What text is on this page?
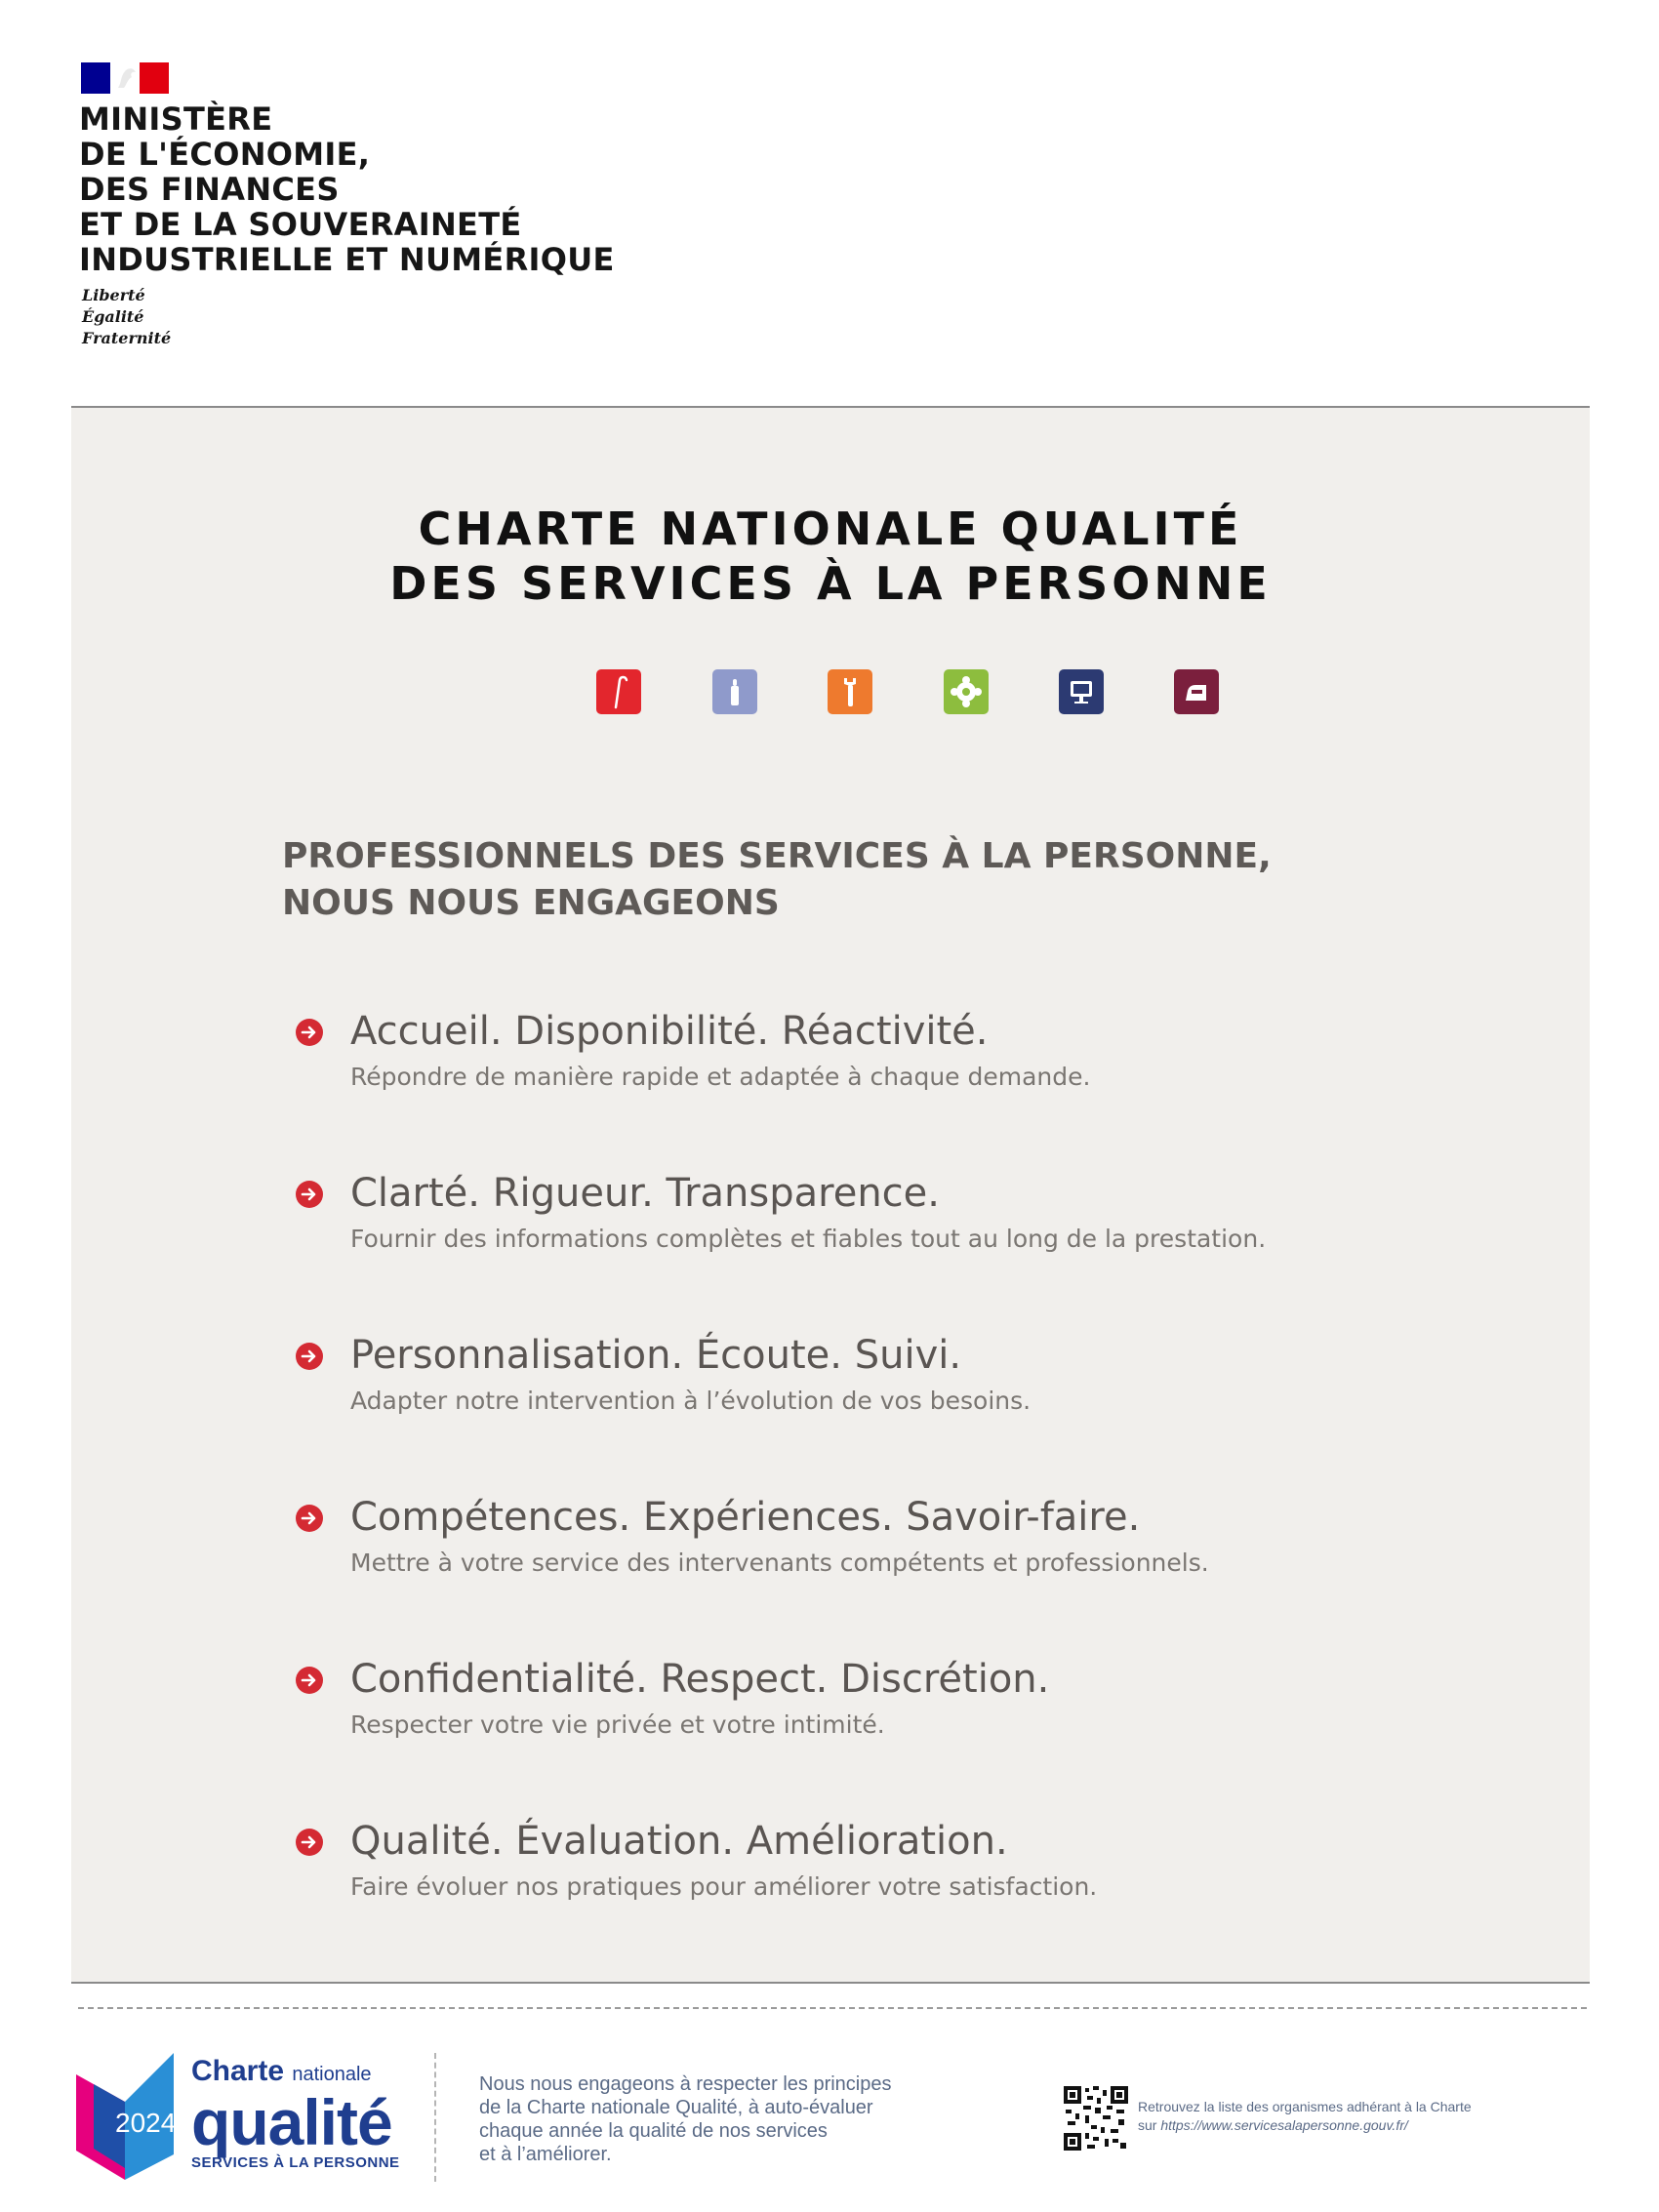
MINISTÈRE
DE L'ÉCONOMIE,
DES FINANCES
ET DE LA SOUVERAINETÉ
INDUSTRIELLE ET NUMÉRIQUE
Liberté
Égalité
Fraternité
CHARTE NATIONALE QUALITÉ
DES SERVICES À LA PERSONNE
PROFESSIONNELS DES SERVICES À LA PERSONNE,
NOUS NOUS ENGAGEONS
Accueil. Disponibilité. Réactivité.
Répondre de manière rapide et adaptée à chaque demande.
Clarté. Rigueur. Transparence.
Fournir des informations complètes et fiables tout au long de la prestation.
Personnalisation. Écoute. Suivi.
Adapter notre intervention à l’évolution de vos besoins.
Compétences. Expériences. Savoir-faire.
Mettre à votre service des intervenants compétents et professionnels.
Confidentialité. Respect. Discrétion.
Respecter votre vie privée et votre intimité.
Qualité. Évaluation. Amélioration.
Faire évoluer nos pratiques pour améliorer votre satisfaction.
2024
Charte nationale
qualité
SERVICES À LA PERSONNE
Nous nous engageons à respecter les principes
de la Charte nationale Qualité, à auto-évaluer
chaque année la qualité de nos services
et à l’améliorer.
Retrouvez la liste des organismes adhérant à la Charte
sur https://www.servicesalapersonne.gouv.fr/
